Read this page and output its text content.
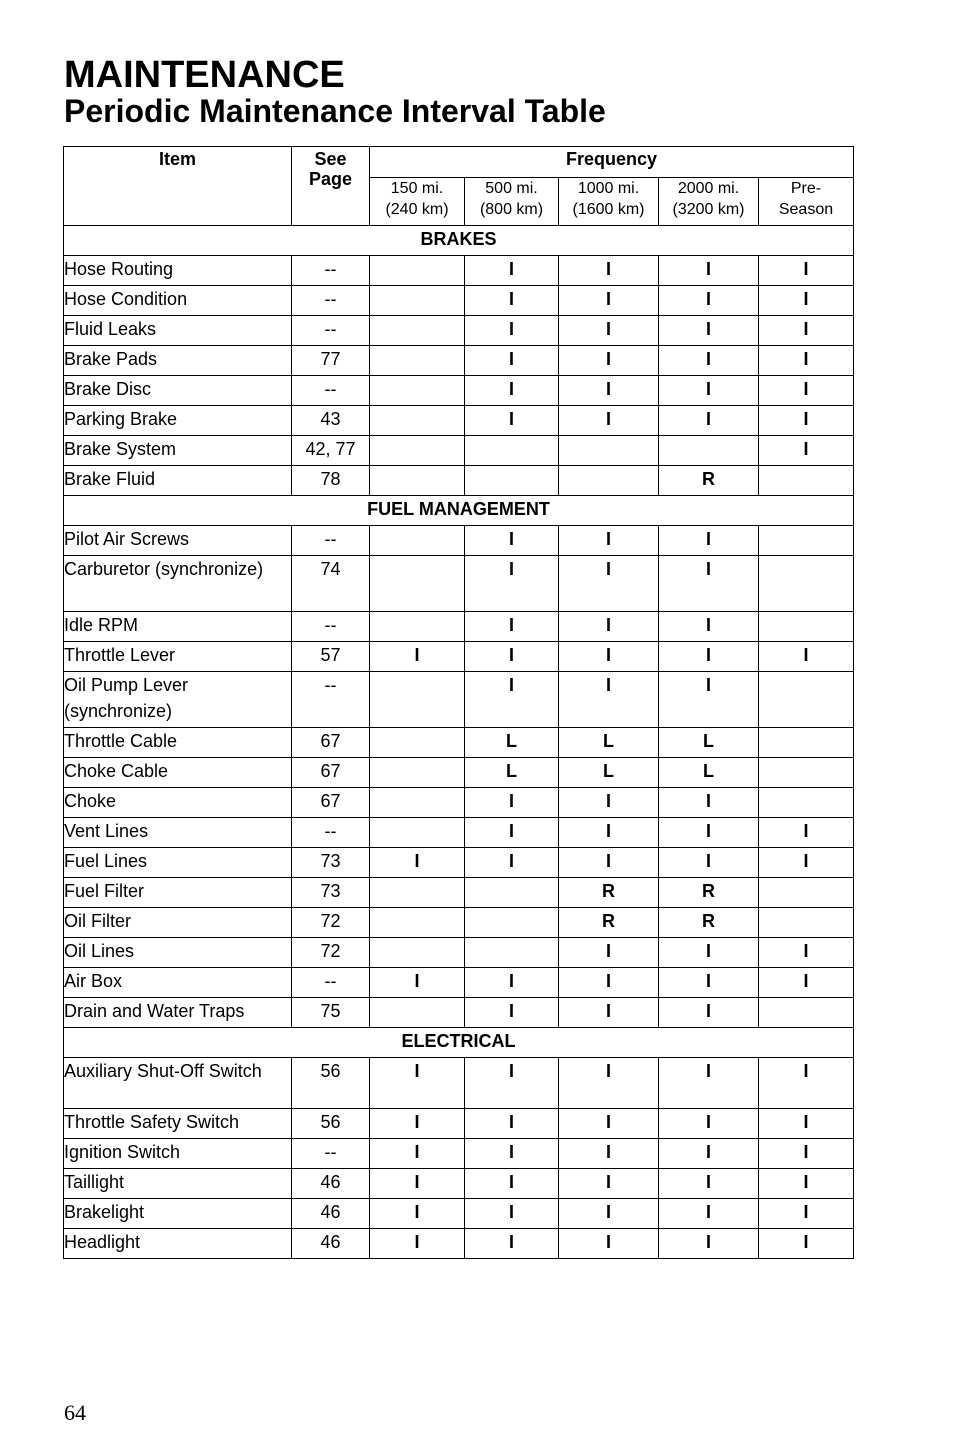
MAINTENANCE
Periodic Maintenance Interval Table
Item	See Page	Frequency				
		150 mi. (240 km)	500 mi. (800 km)	1000 mi. (1600 km)	2000 mi. (3200 km)	Pre- Season
BRAKES						
Hose Routing	--		I	I	I	I
Hose Condition	--		I	I	I	I
Fluid Leaks	--		I	I	I	I
Brake Pads	77		I	I	I	I
Brake Disc	--		I	I	I	I
Parking Brake	43		I	I	I	I
Brake System	42, 77					I
Brake Fluid	78				R	
FUEL MANAGEMENT						
Pilot Air Screws	--		I	I	I	
Carburetor (synchronize)	74		I	I	I	
Idle RPM	--		I	I	I	
Throttle Lever	57	I	I	I	I	I
Oil Pump Lever (synchronize)	--		I	I	I	
Throttle Cable	67		L	L	L	
Choke Cable	67		L	L	L	
Choke	67		I	I	I	
Vent Lines	--		I	I	I	I
Fuel Lines	73	I	I	I	I	I
Fuel Filter	73			R	R	
Oil Filter	72			R	R	
Oil Lines	72			I	I	I
Air Box	--	I	I	I	I	I
Drain and Water Traps	75		I	I	I	
ELECTRICAL						
Auxiliary Shut-Off Switch	56	I	I	I	I	I
Throttle Safety Switch	56	I	I	I	I	I
Ignition Switch	--	I	I	I	I	I
Taillight	46	I	I	I	I	I
Brakelight	46	I	I	I	I	I
Headlight	46	I	I	I	I	I
64
